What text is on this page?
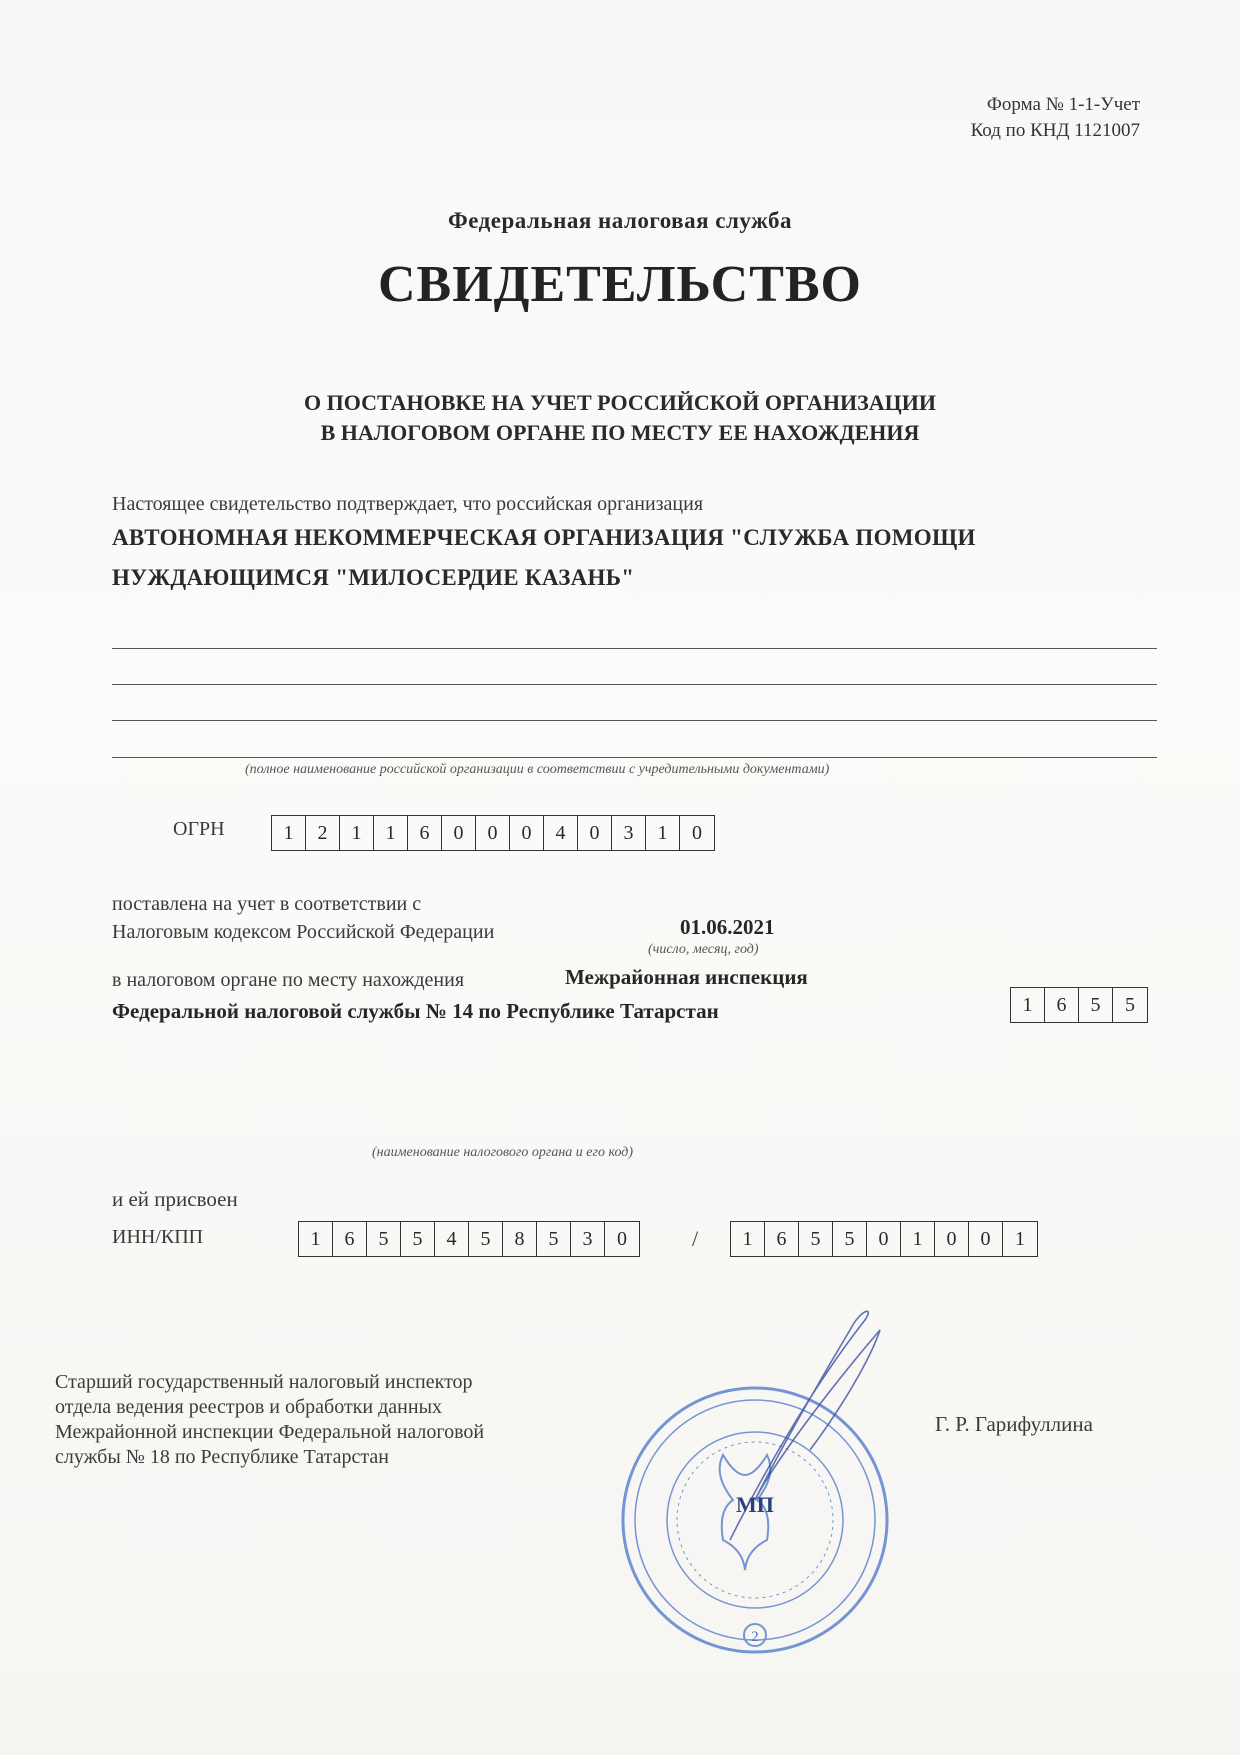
Форма № 1-1-Учет
Код по КНД 1121007
Федеральная налоговая служба
СВИДЕТЕЛЬСТВО
О ПОСТАНОВКЕ НА УЧЕТ РОССИЙСКОЙ ОРГАНИЗАЦИИ
В НАЛОГОВОМ ОРГАНЕ ПО МЕСТУ ЕЕ НАХОЖДЕНИЯ
Настоящее свидетельство подтверждает, что российская организация
АВТОНОМНАЯ НЕКОММЕРЧЕСКАЯ ОРГАНИЗАЦИЯ "СЛУЖБА ПОМОЩИ
НУЖДАЮЩИМСЯ "МИЛОСЕРДИЕ КАЗАНЬ"
(полное наименование российской организации в соответствии с учредительными документами)
ОГРН	1	2	1	1	6	0	0	0	4	0	3	1	0
поставлена на учет в соответствии с
Налоговым кодексом Российской Федерации	01.06.2021
(число, месяц, год)
в налоговом органе по месту нахождения	Межрайонная инспекция
Федеральной налоговой службы № 14 по Республике Татарстан	1	6	5	5
(наименование налогового органа и его код)
и ей присвоен
ИНН/КПП	1	6	5	5	4	5	8	5	3	0	/	1	6	5	5	0	1	0	0	1
Старший государственный налоговый инспектор
отдела ведения реестров и обработки данных
Межрайонной инспекции Федеральной налоговой
службы № 18 по Республике Татарстан
Г. Р. Гарифуллина
МП
2
